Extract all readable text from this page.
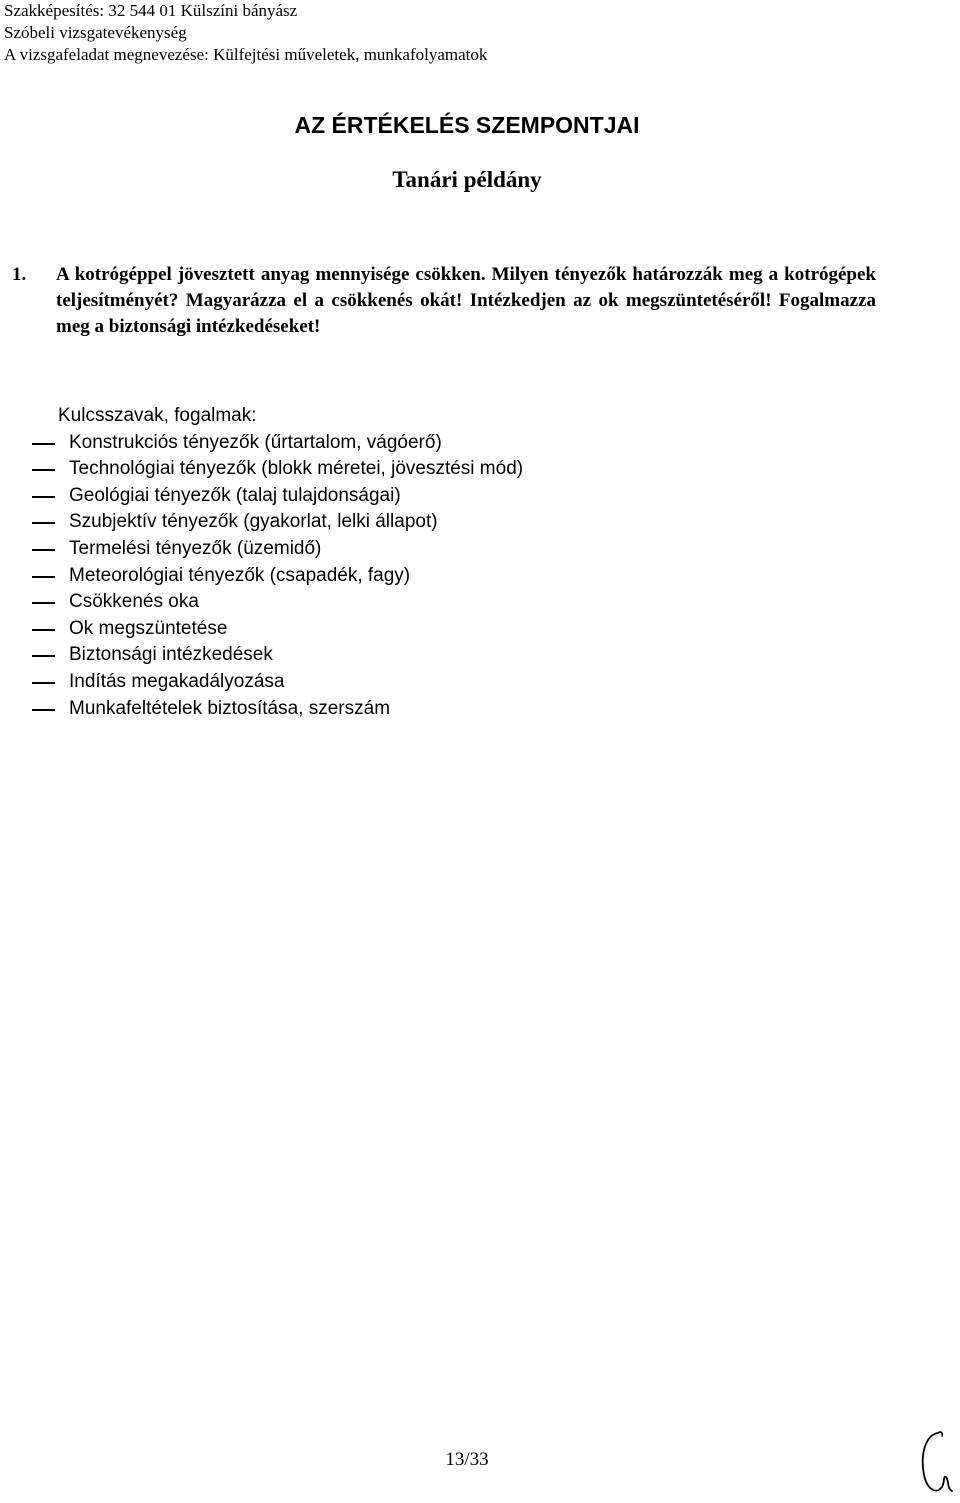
Szakképesítés: 32 544 01 Külszíni bányász
Szóbeli vizsgatevékenység
A vizsgafeladat megnevezése: Külfejtési műveletek, munkafolyamatok
AZ ÉRTÉKELÉS SZEMPONTJAI
Tanári példány
1.	A kotrógéppel jövesztett anyag mennyisége csökken. Milyen tényezők határozzák meg a kotrógépek teljesítményét? Magyarázza el a csökkenés okát! Intézkedjen az ok megszüntetéséről! Fogalmazza meg a biztonsági intézkedéseket!
Kulcsszavak, fogalmak:
Konstrukciós tényezők (űrtartalom, vágóerő)
Technológiai tényezők (blokk méretei, jövesztési mód)
Geológiai tényezők (talaj tulajdonságai)
Szubjektív tényezők (gyakorlat, lelki állapot)
Termelési tényezők (üzemidő)
Meteorológiai tényezők (csapadék, fagy)
Csökkenés oka
Ok megszüntetése
Biztonsági intézkedések
Indítás megakadályozása
Munkafeltételek biztosítása, szerszám
13/33
